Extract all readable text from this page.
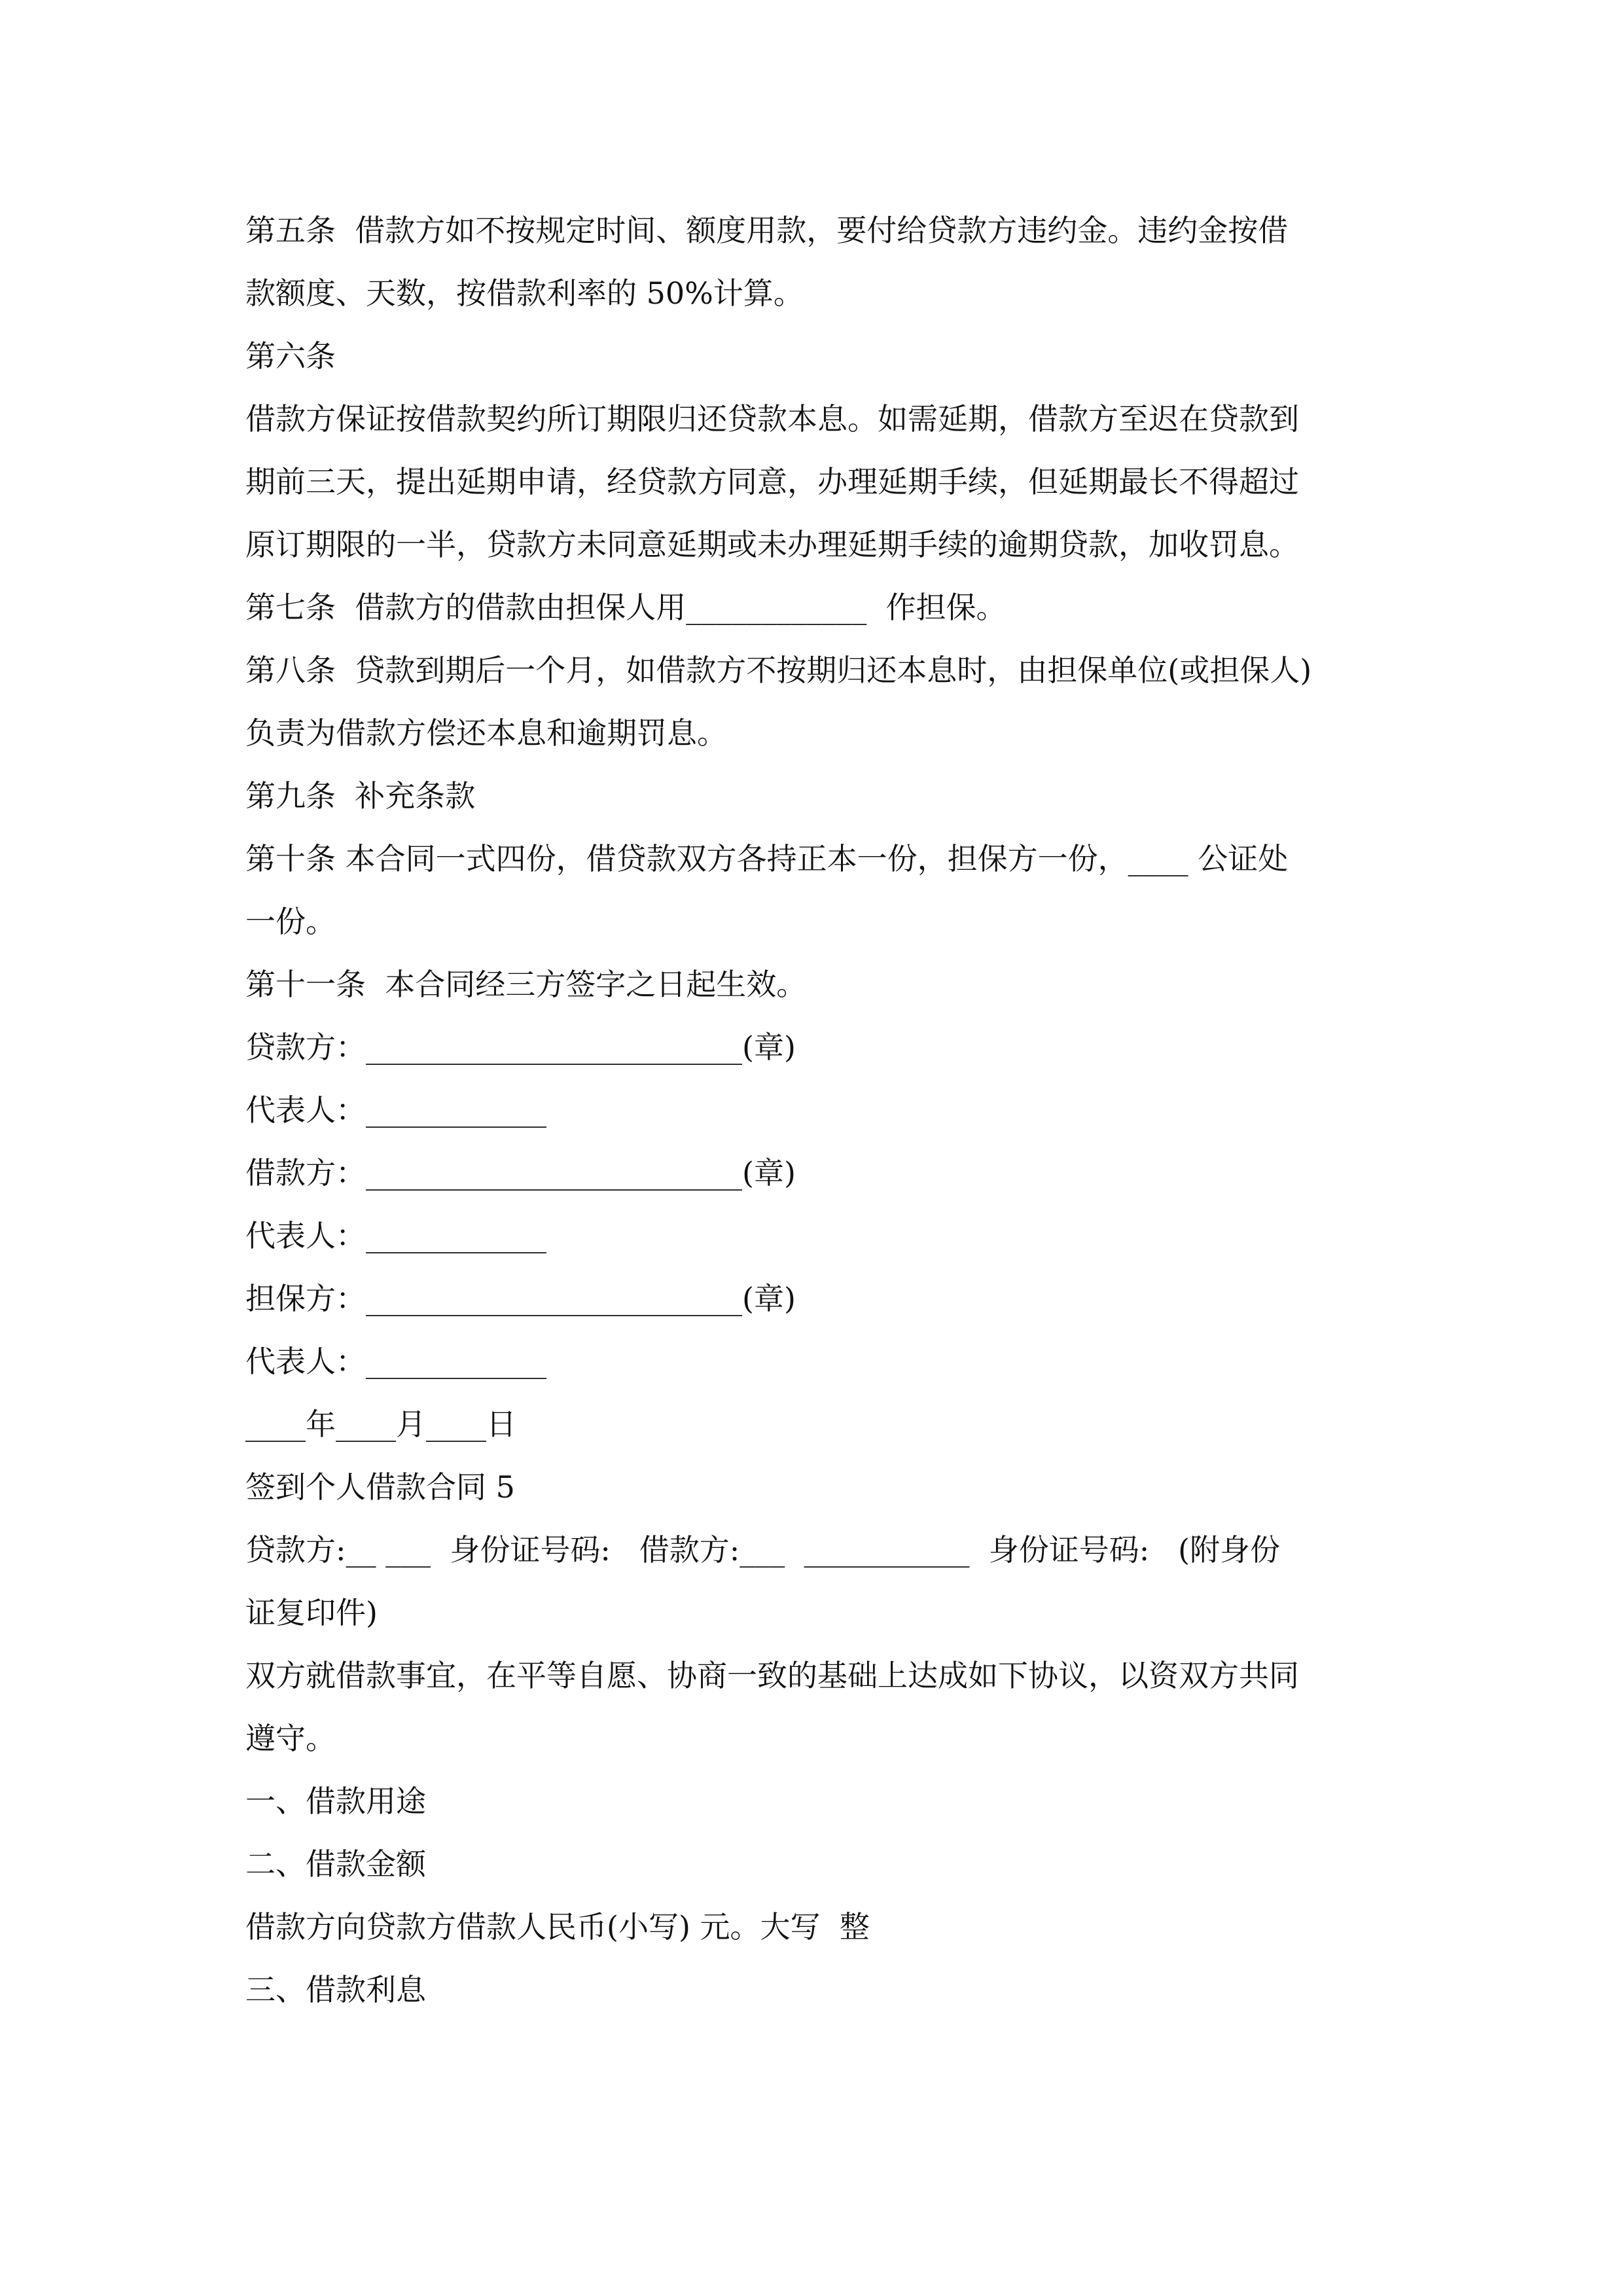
第五条  借款方如不按规定时间、额度用款，要付给贷款方违约金。违约金按借
款额度、天数，按借款利率的 50%计算。
第六条
借款方保证按借款契约所订期限归还贷款本息。如需延期，借款方至迟在贷款到
期前三天，提出延期申请，经贷款方同意，办理延期手续，但延期最长不得超过
原订期限的一半，贷款方未同意延期或未办理延期手续的逾期贷款，加收罚息。
第七条  借款方的借款由担保人用____________  作担保。
第八条  贷款到期后一个月，如借款方不按期归还本息时，由担保单位(或担保人)
负责为借款方偿还本息和逾期罚息。
第九条  补充条款
第十条 本合同一式四份，借贷款双方各持正本一份，担保方一份，____ 公证处
一份。
第十一条  本合同经三方签字之日起生效。
贷款方：_________________________(章)
代表人：____________
借款方：_________________________(章)
代表人：____________
担保方：_________________________(章)
代表人：____________
____年____月____日
签到个人借款合同 5
贷款方:__ ___  身份证号码:   借款方:___  ___________  身份证号码:   (附身份
证复印件)
双方就借款事宜，在平等自愿、协商一致的基础上达成如下协议，以资双方共同
遵守。
一、借款用途
二、借款金额
借款方向贷款方借款人民币(小写) 元。大写  整
三、借款利息
